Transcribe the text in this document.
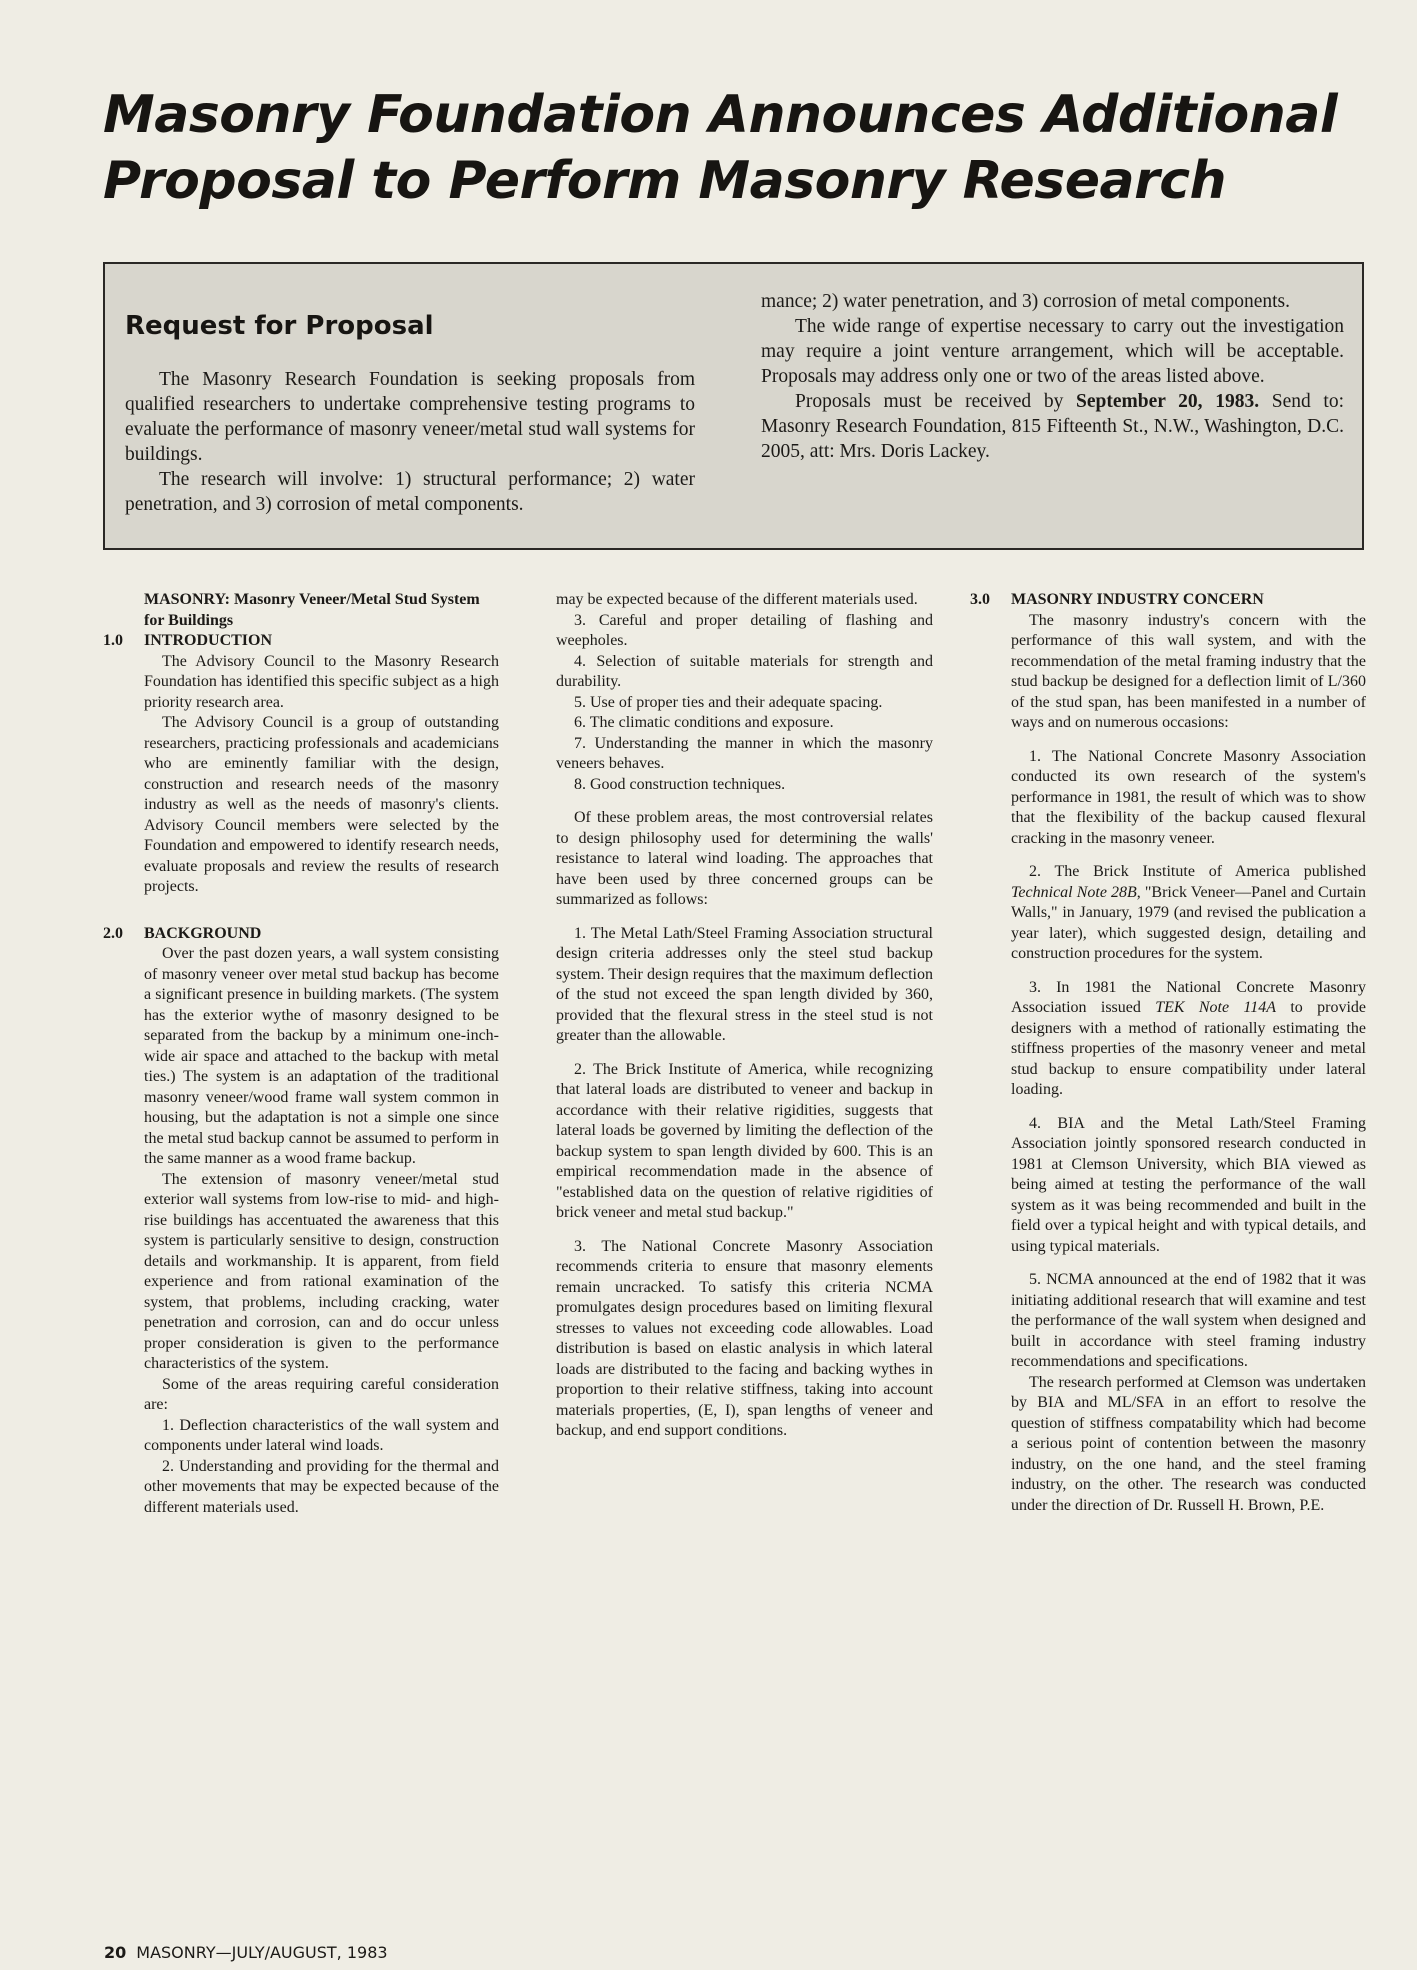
Masonry Foundation Announces Additional
Proposal to Perform Masonry Research
Request for Proposal

The Masonry Research Foundation is seeking proposals from qualified researchers to undertake comprehensive testing programs to evaluate the performance of masonry veneer/metal stud wall systems for buildings.

The research will involve: 1) structural performance; 2) water penetration, and 3) corrosion of metal components.

mance; 2) water penetration, and 3) corrosion of metal components.

The wide range of expertise necessary to carry out the investigation may require a joint venture arrangement, which will be acceptable. Proposals may address only one or two of the areas listed above.

Proposals must be received by September 20, 1983. Send to: Masonry Research Foundation, 815 Fifteenth St., N.W., Washington, D.C. 2005, att: Mrs. Doris Lackey.

MASONRY: Masonry Veneer/Metal Stud System for Buildings

1.0 INTRODUCTION

The Advisory Council to the Masonry Research Foundation has identified this specific subject as a high priority research area.

The Advisory Council is a group of outstanding researchers, practicing professionals and academicians who are eminently familiar with the design, construction and research needs of the masonry industry as well as the needs of masonry's clients. Advisory Council members were selected by the Foundation and empowered to identify research needs, evaluate proposals and review the results of research projects.

2.0 BACKGROUND

Over the past dozen years, a wall system consisting of masonry veneer over metal stud backup has become a significant presence in building markets. (The system has the exterior wythe of masonry designed to be separated from the backup by a minimum one-inch-wide air space and attached to the backup with metal ties.) The system is an adaptation of the traditional masonry veneer/wood frame wall system common in housing, but the adaptation is not a simple one since the metal stud backup cannot be assumed to perform in the same manner as a wood frame backup.

The extension of masonry veneer/metal stud exterior wall systems from low-rise to mid- and high-rise buildings has accentuated the awareness that this system is particularly sensitive to design, construction details and workmanship. It is apparent, from field experience and from rational examination of the system, that problems, including cracking, water penetration and corrosion, can and do occur unless proper consideration is given to the performance characteristics of the system.

Some of the areas requiring careful consideration are:

1. Deflection characteristics of the wall system and components under lateral wind loads.

2. Understanding and providing for the thermal and other movements that may be expected because of the different materials used.

may be expected because of the different materials used.

3. Careful and proper detailing of flashing and weepholes.

4. Selection of suitable materials for strength and durability.

5. Use of proper ties and their adequate spacing.

6. The climatic conditions and exposure.

7. Understanding the manner in which the masonry veneers behaves.

8. Good construction techniques.

Of these problem areas, the most controversial relates to design philosophy used for determining the walls' resistance to lateral wind loading. The approaches that have been used by three concerned groups can be summarized as follows:

1. The Metal Lath/Steel Framing Association structural design criteria addresses only the steel stud backup system. Their design requires that the maximum deflection of the stud not exceed the span length divided by 360, provided that the flexural stress in the steel stud is not greater than the allowable.

2. The Brick Institute of America, while recognizing that lateral loads are distributed to veneer and backup in accordance with their relative rigidities, suggests that lateral loads be governed by limiting the deflection of the backup system to span length divided by 600. This is an empirical recommendation made in the absence of "established data on the question of relative rigidities of brick veneer and metal stud backup."

3. The National Concrete Masonry Association recommends criteria to ensure that masonry elements remain uncracked. To satisfy this criteria NCMA promulgates design procedures based on limiting flexural stresses to values not exceeding code allowables. Load distribution is based on elastic analysis in which lateral loads are distributed to the facing and backing wythes in proportion to their relative stiffness, taking into account materials properties, (E, I), span lengths of veneer and backup, and end support conditions.

3.0 MASONRY INDUSTRY CONCERN

The masonry industry's concern with the performance of this wall system, and with the recommendation of the metal framing industry that the stud backup be designed for a deflection limit of L/360 of the stud span, has been manifested in a number of ways and on numerous occasions:

1. The National Concrete Masonry Association conducted its own research of the system's performance in 1981, the result of which was to show that the flexibility of the backup caused flexural cracking in the masonry veneer.

2. The Brick Institute of America published Technical Note 28B, "Brick Veneer—Panel and Curtain Walls," in January, 1979 (and revised the publication a year later), which suggested design, detailing and construction procedures for the system.

3. In 1981 the National Concrete Masonry Association issued TEK Note 114A to provide designers with a method of rationally estimating the stiffness properties of the masonry veneer and metal stud backup to ensure compatibility under lateral loading.

4. BIA and the Metal Lath/Steel Framing Association jointly sponsored research conducted in 1981 at Clemson University, which BIA viewed as being aimed at testing the performance of the wall system as it was being recommended and built in the field over a typical height and with typical details, and using typical materials.

5. NCMA announced at the end of 1982 that it was initiating additional research that will examine and test the performance of the wall system when designed and built in accordance with steel framing industry recommendations and specifications.

The research performed at Clemson was undertaken by BIA and ML/SFA in an effort to resolve the question of stiffness compatability which had become a serious point of contention between the masonry industry, on the one hand, and the steel framing industry, on the other. The research was conducted under the direction of Dr. Russell H. Brown, P.E.

20 MASONRY—JULY/AUGUST, 1983
